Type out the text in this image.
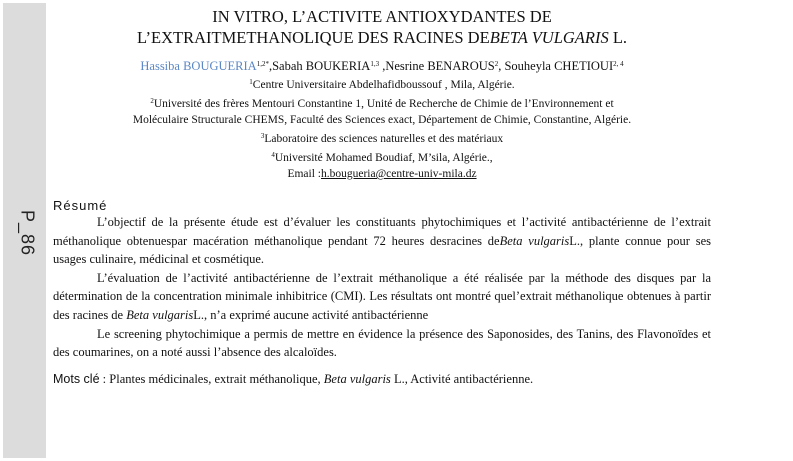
P_86

IN VITRO, L’ACTIVITE ANTIOXYDANTES DE
L’EXTRAITMETHANOLIQUE DES RACINES DEBETA VULGARIS L.

Hassiba $BOUGUERIA^{1,2*},Sabah$ BOUKERIA$^{1,3}$ ,Nesrine BENAROUS$^2$, Souheyla CHETIOUI$^{2, 4}$
$^1$Centre Universitaire Abdelhafidboussouf , Mila, Algérie.
$^2$Université des frères Mentouri Constantine 1, Unité de Recherche de Chimie de l’Environnement et
Moléculaire Structurale CHEMS, Faculté des Sciences exact, Département de Chimie, Constantine, Algérie.
$^3$Laboratoire des sciences naturelles et des matériaux
$^4$Université Mohamed Boudiaf, M’sila, Algérie.,
Email :h.bougueria@centre-univ-mila.dz
Résumé

L’objectif de la présente étude est d’évaluer les constituants phytochimiques et l’activité antibactérienne de l’extrait méthanolique obtenuespar macération méthanolique pendant 72 heures desracines deBeta vulgarisL., plante connue pour ses usages culinaire, médicinal et cosmétique.

L’évaluation de l’activité antibactérienne de l’extrait méthanolique a été réalisée par la méthode des disques par la détermination de la concentration minimale inhibitrice (CMI). Les résultats ont montré quel’extrait méthanolique obtenues à partir des racines de Beta vulgarisL., n’a exprimé aucune activité antibactérienne

Le screening phytochimique a permis de mettre en évidence la présence des Saponosides, des Tanins, des Flavonoïdes et des coumarines, on a noté aussi l’absence des alcaloïdes.

Mots clé : Plantes médicinales, extrait méthanolique, Beta vulgaris L., Activité antibactérienne.
